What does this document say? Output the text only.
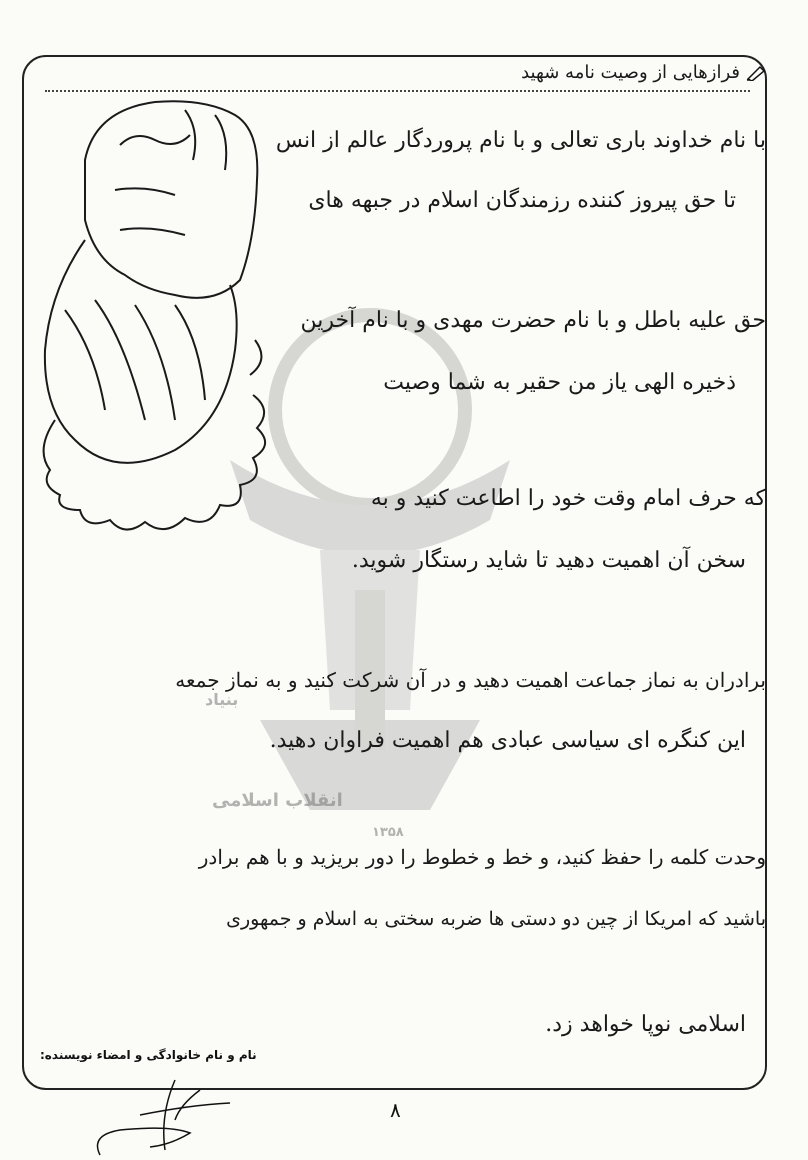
بنیاد
انقلاب اسلامی
۱۳۵۸
فرازهایی از وصیت نامه شهید
با نام خداوند باری تعالی و با نام پروردگار عالم از انس
تا حق پیروز کننده رزمندگان اسلام در جبهه های
حق علیه باطل و با نام حضرت مهدی و با نام آخرین
ذخیره الهی یاز من حقیر به شما وصیت
که حرف امام وقت خود را اطاعت کنید و به
سخن آن اهمیت دهید تا شاید رستگار شوید.
برادران به نماز جماعت اهمیت دهید و در آن شرکت کنید و به نماز جمعه
این کنگره ای سیاسی عبادی هم اهمیت فراوان دهید.
وحدت کلمه را حفظ کنید، و خط و خطوط را دور بریزید و با هم برادر
باشید که امریکا از چین دو دستی ها ضربه سختی به اسلام و جمهوری
اسلامی نوپا خواهد زد.
نام و نام خانوادگی و امضاء نویسنده:
۸
